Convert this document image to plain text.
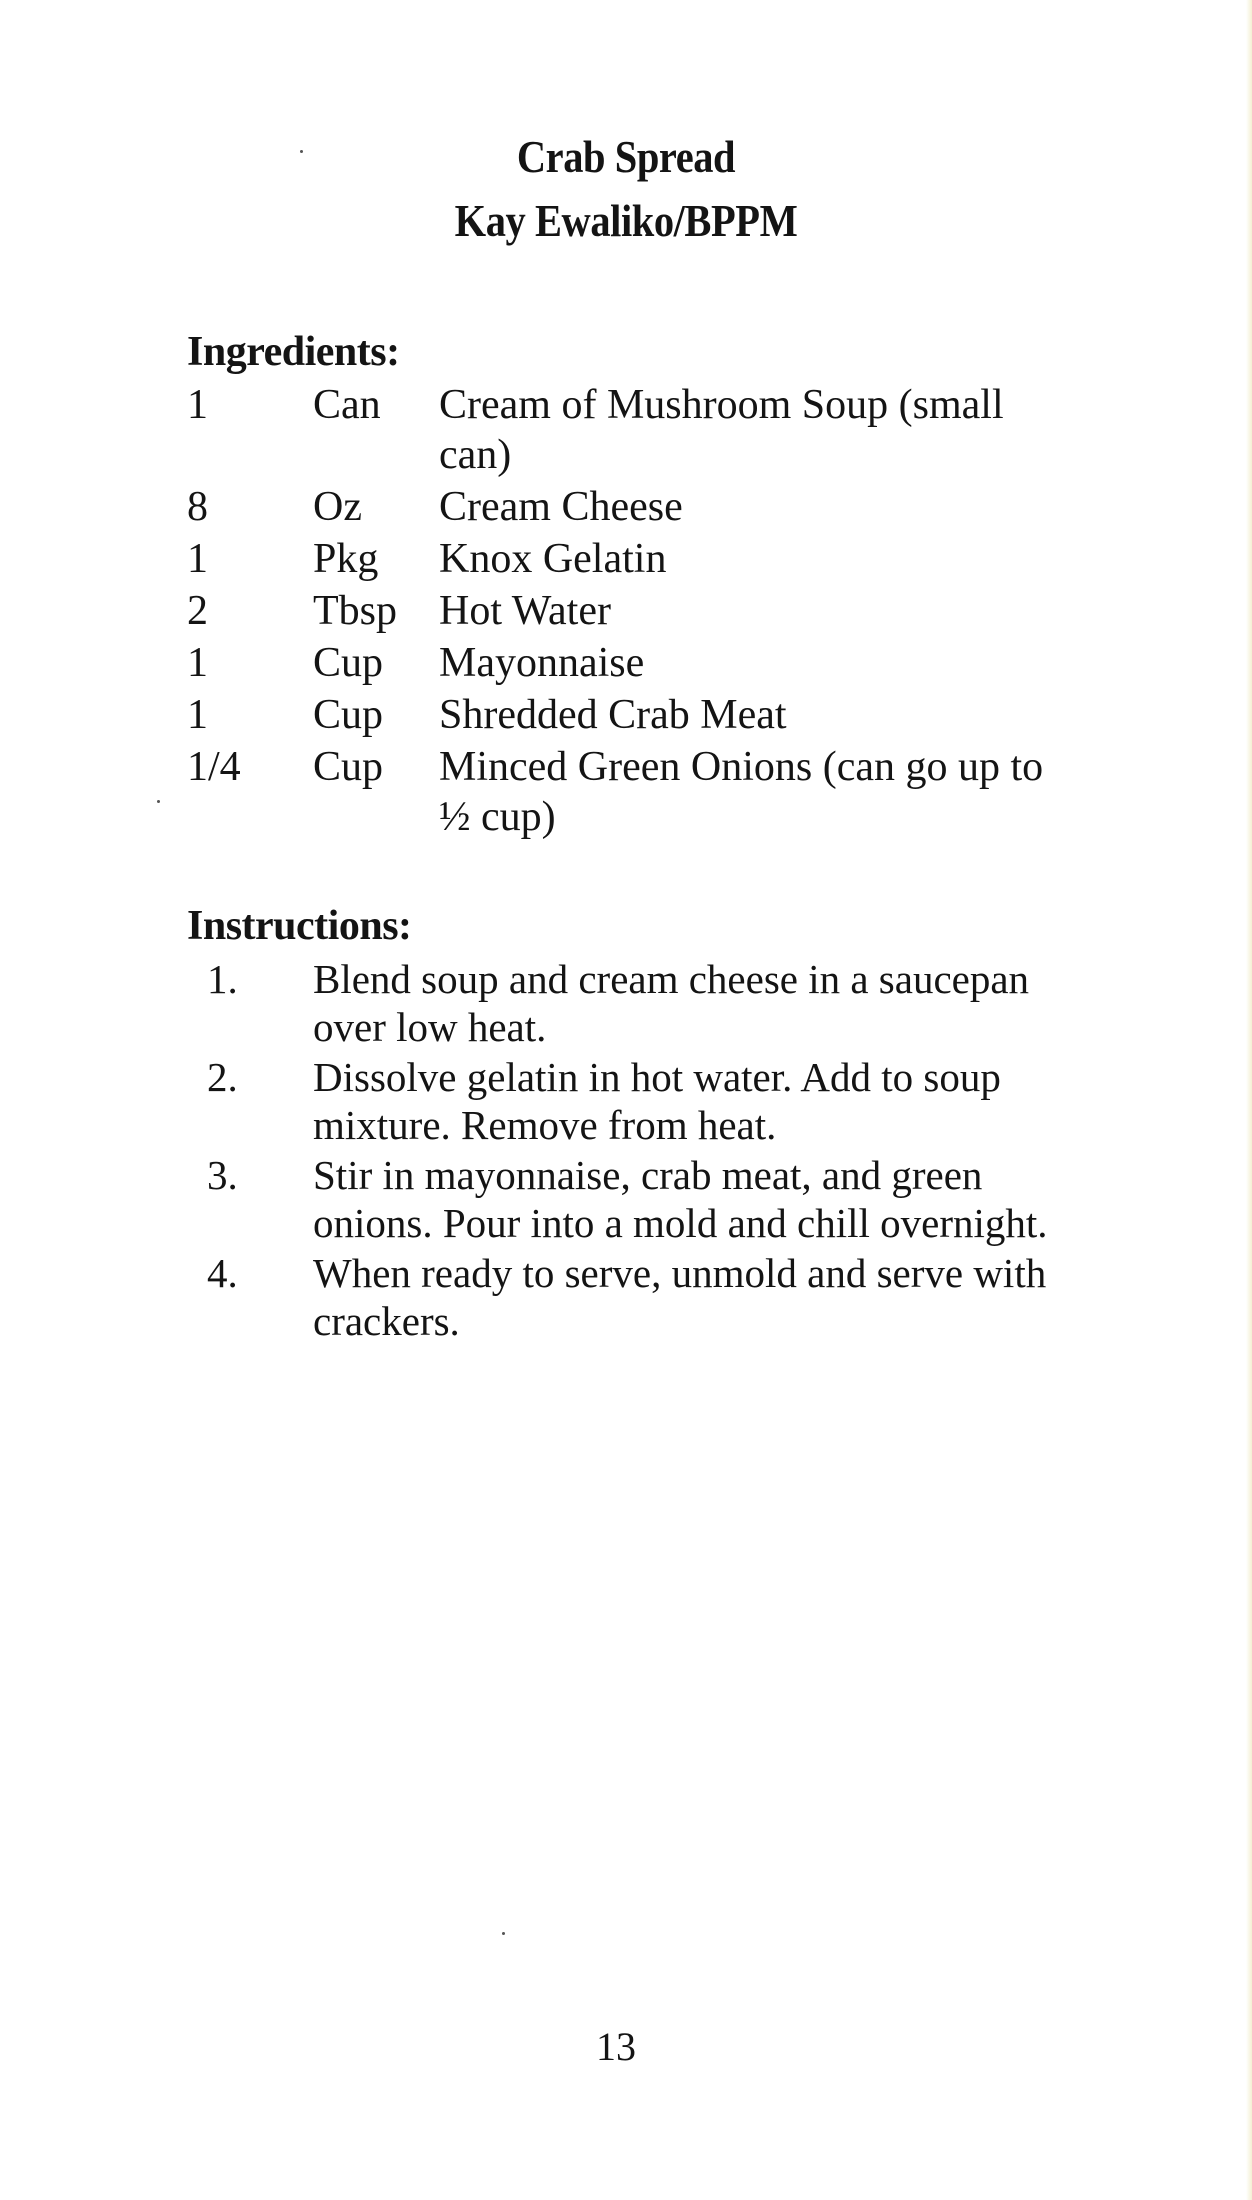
Crab Spread
Kay Ewaliko/BPPM
Ingredients:
1	Can	Cream of Mushroom Soup (small can)
8	Oz	Cream Cheese
1	Pkg	Knox Gelatin
2	Tbsp	Hot Water
1	Cup	Mayonnaise
1	Cup	Shredded Crab Meat
1/4	Cup	Minced Green Onions (can go up to ½ cup)
Instructions:
1.	Blend soup and cream cheese in a saucepan over low heat.
2.	Dissolve gelatin in hot water. Add to soup mixture. Remove from heat.
3.	Stir in mayonnaise, crab meat, and green onions. Pour into a mold and chill overnight.
4.	When ready to serve, unmold and serve with crackers.
13
